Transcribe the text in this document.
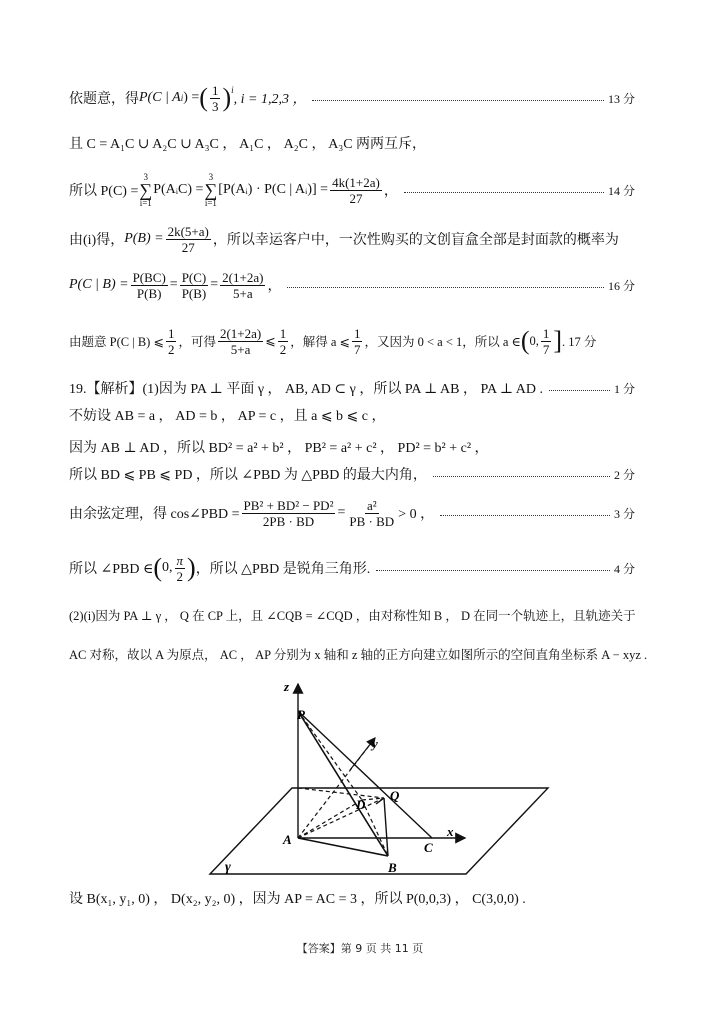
依题意，得 P(C | A i ) = ( $\frac{1}{3} )^i$
, i = 1,2,3 ，	13 分
且 C = A₁C ∪ A₂C ∪ A₃C ， A₁C ， A₂C ， A₃C 两两互斥，
所以 P(C) =
3
∑
i=1
P(AᵢC) =
3
∑
i=1
[P(Aᵢ) · P(C | Aᵢ)] = $\frac{4k(1+2a)}{27}$ ，	14 分
由(i)得， $P(B) = \frac{2k(5+a)}{27}$ ，所以幸运客户中，一次性购买的文创盲盒全部是封面款的概率为
P(C | $B) = \frac{P(BC)}{P(B)} = \frac{P(C)}{P(B)} = \frac{2(1+2a)}{5+a}$ ，	16 分
由题意 P(C | B) ⩽ $\frac{1}{2}$ ，可得 $\frac{2(1+2a)}{5+a}$ ⩽ $\frac{1}{2}$ ，解得 a ⩽ $\frac{1}{7}$ ，又因为 0 < a < 1，所以 a ∈ ( 0, $\frac{1}{7}$ ] . 17 分
19.【解析】(1)因为 PA ⊥ 平面 γ ， AB, AD ⊂ γ ，所以 PA ⊥ AB ， PA ⊥ AD .	1 分
不妨设 AB = a ， AD = b ， AP = c ，且 a ⩽ b ⩽ c ，
因为 AB ⊥ AD ，所以 BD² = a² + b² ， PB² = a² + c² ， PD² = b² + c² ，
所以 BD ⩽ PB ⩽ PD ，所以 ∠PBD 为 △PBD 的最大内角，	2 分
由余弦定理，得 cos∠PBD = $\frac{\text{PB² + BD² − PD²}}{2PB \cdot BD} = \frac{\text{a²}}{PB \cdot BD} > 0$ ，	3 分
所以 ∠PBD ∈ ( 0, $\frac{\pi}{2}$ ) ，所以 △PBD 是锐角三角形.	4 分
(2)(i)因为 PA ⊥ γ ， Q 在 CP 上，且 ∠CQB = ∠CQD ，由对称性知 B ， D 在同一个轨迹上，且轨迹关于
AC 对称，故以 A 为原点， AC ， AP 分别为 x 轴和 z 轴的正方向建立如图所示的空间直角坐标系 A − xyz .
z
P
y
Q
D
x
A
C
B
γ
设 B(x₁, y₁, 0) ， D(x₂, y₂, 0) ，因为 AP = AC = 3 ，所以 P(0,0,3) ， C(3,0,0) .
【答案】第 9 页 共 11 页
